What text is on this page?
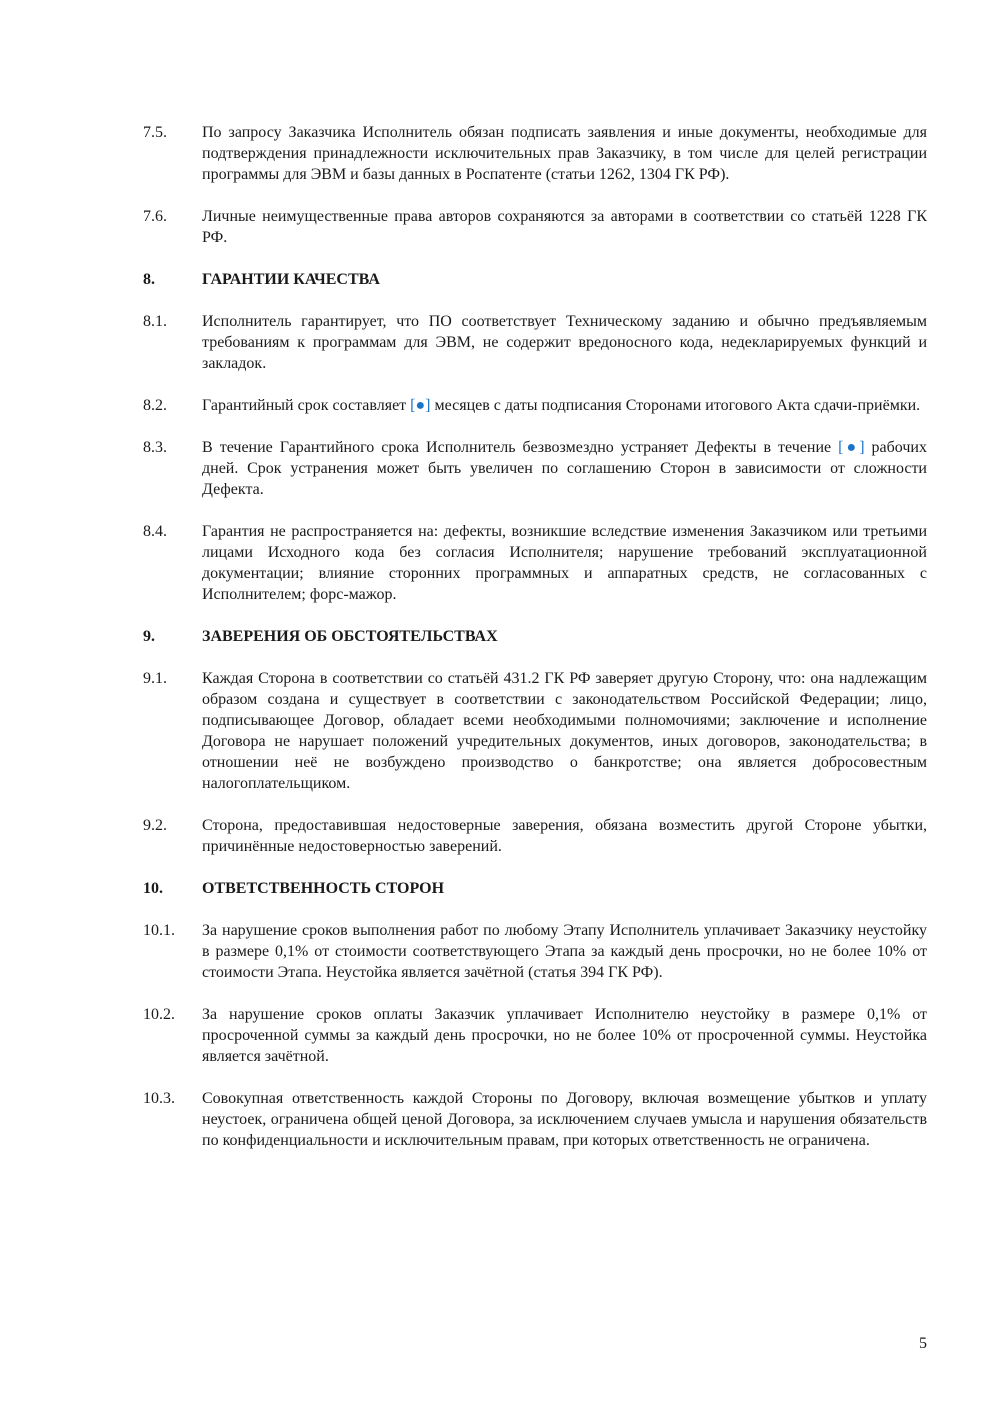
7.5.	По запросу Заказчика Исполнитель обязан подписать заявления и иные документы, необходимые для подтверждения принадлежности исключительных прав Заказчику, в том числе для целей регистрации программы для ЭВМ и базы данных в Роспатенте (статьи 1262, 1304 ГК РФ).
7.6.	Личные неимущественные права авторов сохраняются за авторами в соответствии со статьёй 1228 ГК РФ.
8.	ГАРАНТИИ КАЧЕСТВА
8.1.	Исполнитель гарантирует, что ПО соответствует Техническому заданию и обычно предъявляемым требованиям к программам для ЭВМ, не содержит вредоносного кода, недекларируемых функций и закладок.
8.2.	Гарантийный срок составляет [●] месяцев с даты подписания Сторонами итогового Акта сдачи-приёмки.
8.3.	В течение Гарантийного срока Исполнитель безвозмездно устраняет Дефекты в течение [●] рабочих дней. Срок устранения может быть увеличен по соглашению Сторон в зависимости от сложности Дефекта.
8.4.	Гарантия не распространяется на: дефекты, возникшие вследствие изменения Заказчиком или третьими лицами Исходного кода без согласия Исполнителя; нарушение требований эксплуатационной документации; влияние сторонних программных и аппаратных средств, не согласованных с Исполнителем; форс-мажор.
9.	ЗАВЕРЕНИЯ ОБ ОБСТОЯТЕЛЬСТВАХ
9.1.	Каждая Сторона в соответствии со статьёй 431.2 ГК РФ заверяет другую Сторону, что: она надлежащим образом создана и существует в соответствии с законодательством Российской Федерации; лицо, подписывающее Договор, обладает всеми необходимыми полномочиями; заключение и исполнение Договора не нарушает положений учредительных документов, иных договоров, законодательства; в отношении неё не возбуждено производство о банкротстве; она является добросовестным налогоплательщиком.
9.2.	Сторона, предоставившая недостоверные заверения, обязана возместить другой Стороне убытки, причинённые недостоверностью заверений.
10.	ОТВЕТСТВЕННОСТЬ СТОРОН
10.1.	За нарушение сроков выполнения работ по любому Этапу Исполнитель уплачивает Заказчику неустойку в размере 0,1% от стоимости соответствующего Этапа за каждый день просрочки, но не более 10% от стоимости Этапа. Неустойка является зачётной (статья 394 ГК РФ).
10.2.	За нарушение сроков оплаты Заказчик уплачивает Исполнителю неустойку в размере 0,1% от просроченной суммы за каждый день просрочки, но не более 10% от просроченной суммы. Неустойка является зачётной.
10.3.	Совокупная ответственность каждой Стороны по Договору, включая возмещение убытков и уплату неустоек, ограничена общей ценой Договора, за исключением случаев умысла и нарушения обязательств по конфиденциальности и исключительным правам, при которых ответственность не ограничена.
5
